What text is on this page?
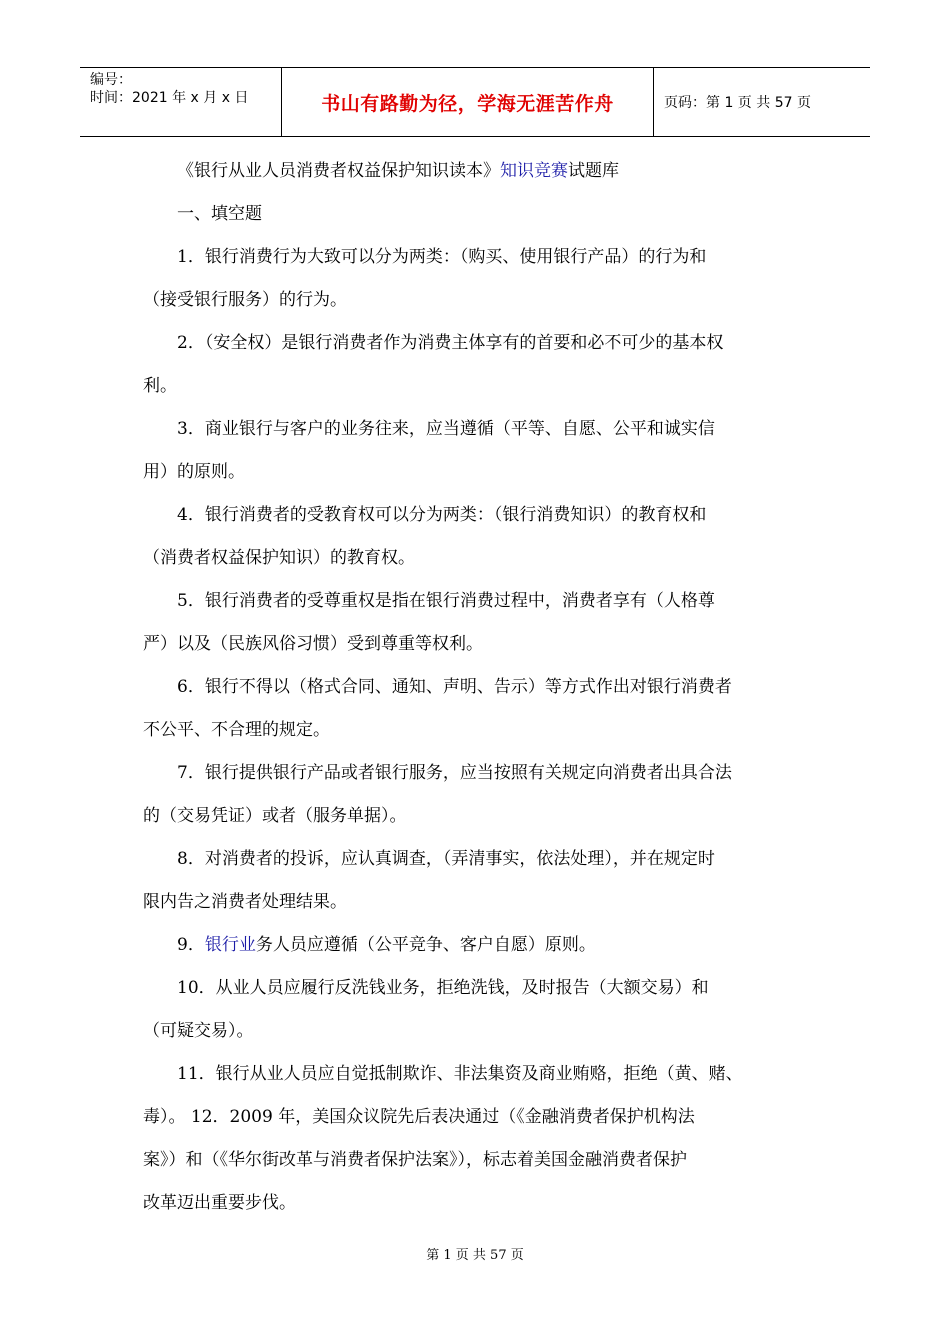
编号：
时间：2021 年 x 月 x 日	书山有路勤为径，学海无涯苦作舟	页码：第 1 页 共 57 页
《银行从业人员消费者权益保护知识读本》知识竞赛试题库
一、填空题
1．银行消费行为大致可以分为两类：（购买、使用银行产品）的行为和
（接受银行服务）的行为。
2．（安全权）是银行消费者作为消费主体享有的首要和必不可少的基本权
利。
3．商业银行与客户的业务往来，应当遵循（平等、自愿、公平和诚实信
用）的原则。
4．银行消费者的受教育权可以分为两类：（银行消费知识）的教育权和
（消费者权益保护知识）的教育权。
5．银行消费者的受尊重权是指在银行消费过程中，消费者享有（人格尊
严）以及（民族风俗习惯）受到尊重等权利。
6．银行不得以（格式合同、通知、声明、告示）等方式作出对银行消费者
不公平、不合理的规定。
7．银行提供银行产品或者银行服务，应当按照有关规定向消费者出具合法
的（交易凭证）或者（服务单据）。
8．对消费者的投诉，应认真调查，（弄清事实，依法处理），并在规定时
限内告之消费者处理结果。
9．银行业务人员应遵循（公平竞争、客户自愿）原则。
10．从业人员应履行反洗钱业务，拒绝洗钱，及时报告（大额交易）和
（可疑交易）。
11．银行从业人员应自觉抵制欺诈、非法集资及商业贿赂，拒绝（黄、赌、
毒）。 12．2009 年，美国众议院先后表决通过（《金融消费者保护机构法
案》）和（《华尔街改革与消费者保护法案》），标志着美国金融消费者保护
改革迈出重要步伐。
第 1 页 共 57 页
